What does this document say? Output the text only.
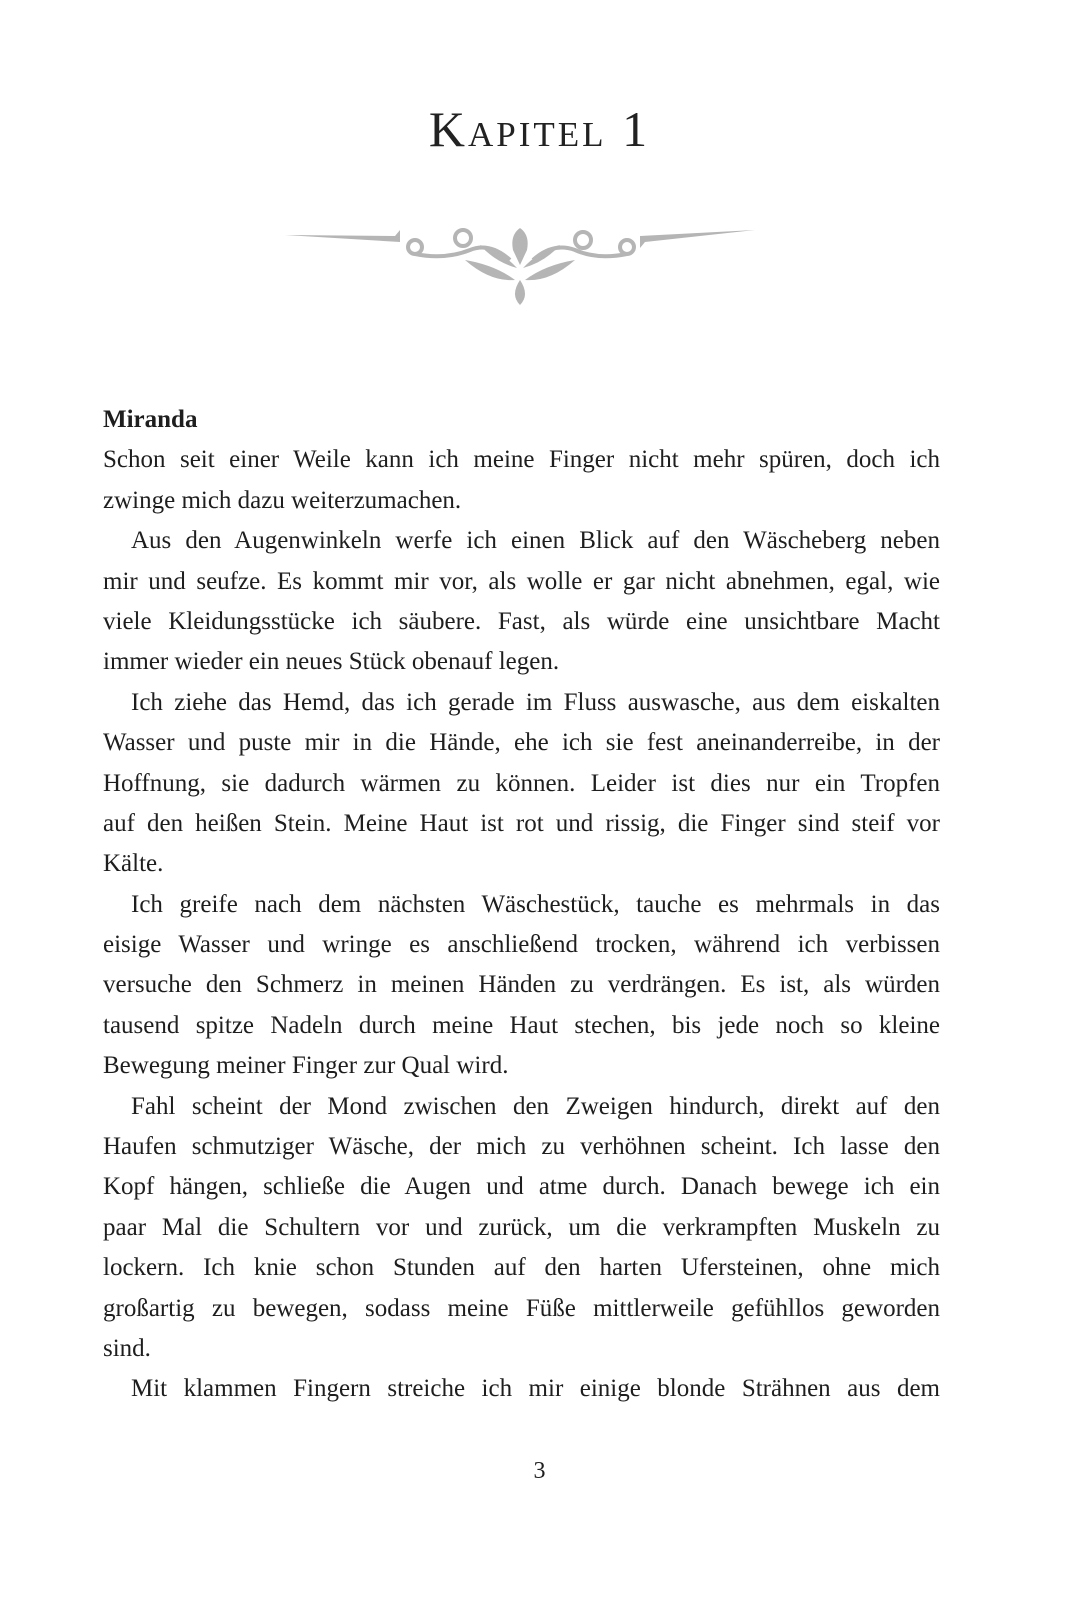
Kapitel 1
Miranda
Schon seit einer Weile kann ich meine Finger nicht mehr spüren, doch ich
zwinge mich dazu weiterzumachen.
Aus den Augenwinkeln werfe ich einen Blick auf den Wäscheberg neben
mir und seufze. Es kommt mir vor, als wolle er gar nicht abnehmen, egal, wie
viele Kleidungsstücke ich säubere. Fast, als würde eine unsichtbare Macht
immer wieder ein neues Stück obenauf legen.
Ich ziehe das Hemd, das ich gerade im Fluss auswasche, aus dem eiskalten
Wasser und puste mir in die Hände, ehe ich sie fest aneinanderreibe, in der
Hoffnung, sie dadurch wärmen zu können. Leider ist dies nur ein Tropfen
auf den heißen Stein. Meine Haut ist rot und rissig, die Finger sind steif vor
Kälte.
Ich greife nach dem nächsten Wäschestück, tauche es mehrmals in das
eisige Wasser und wringe es anschließend trocken, während ich verbissen
versuche den Schmerz in meinen Händen zu verdrängen. Es ist, als würden
tausend spitze Nadeln durch meine Haut stechen, bis jede noch so kleine
Bewegung meiner Finger zur Qual wird.
Fahl scheint der Mond zwischen den Zweigen hindurch, direkt auf den
Haufen schmutziger Wäsche, der mich zu verhöhnen scheint. Ich lasse den
Kopf hängen, schließe die Augen und atme durch. Danach bewege ich ein
paar Mal die Schultern vor und zurück, um die verkrampften Muskeln zu
lockern. Ich knie schon Stunden auf den harten Ufersteinen, ohne mich
großartig zu bewegen, sodass meine Füße mittlerweile gefühllos geworden
sind.
Mit klammen Fingern streiche ich mir einige blonde Strähnen aus dem
3
